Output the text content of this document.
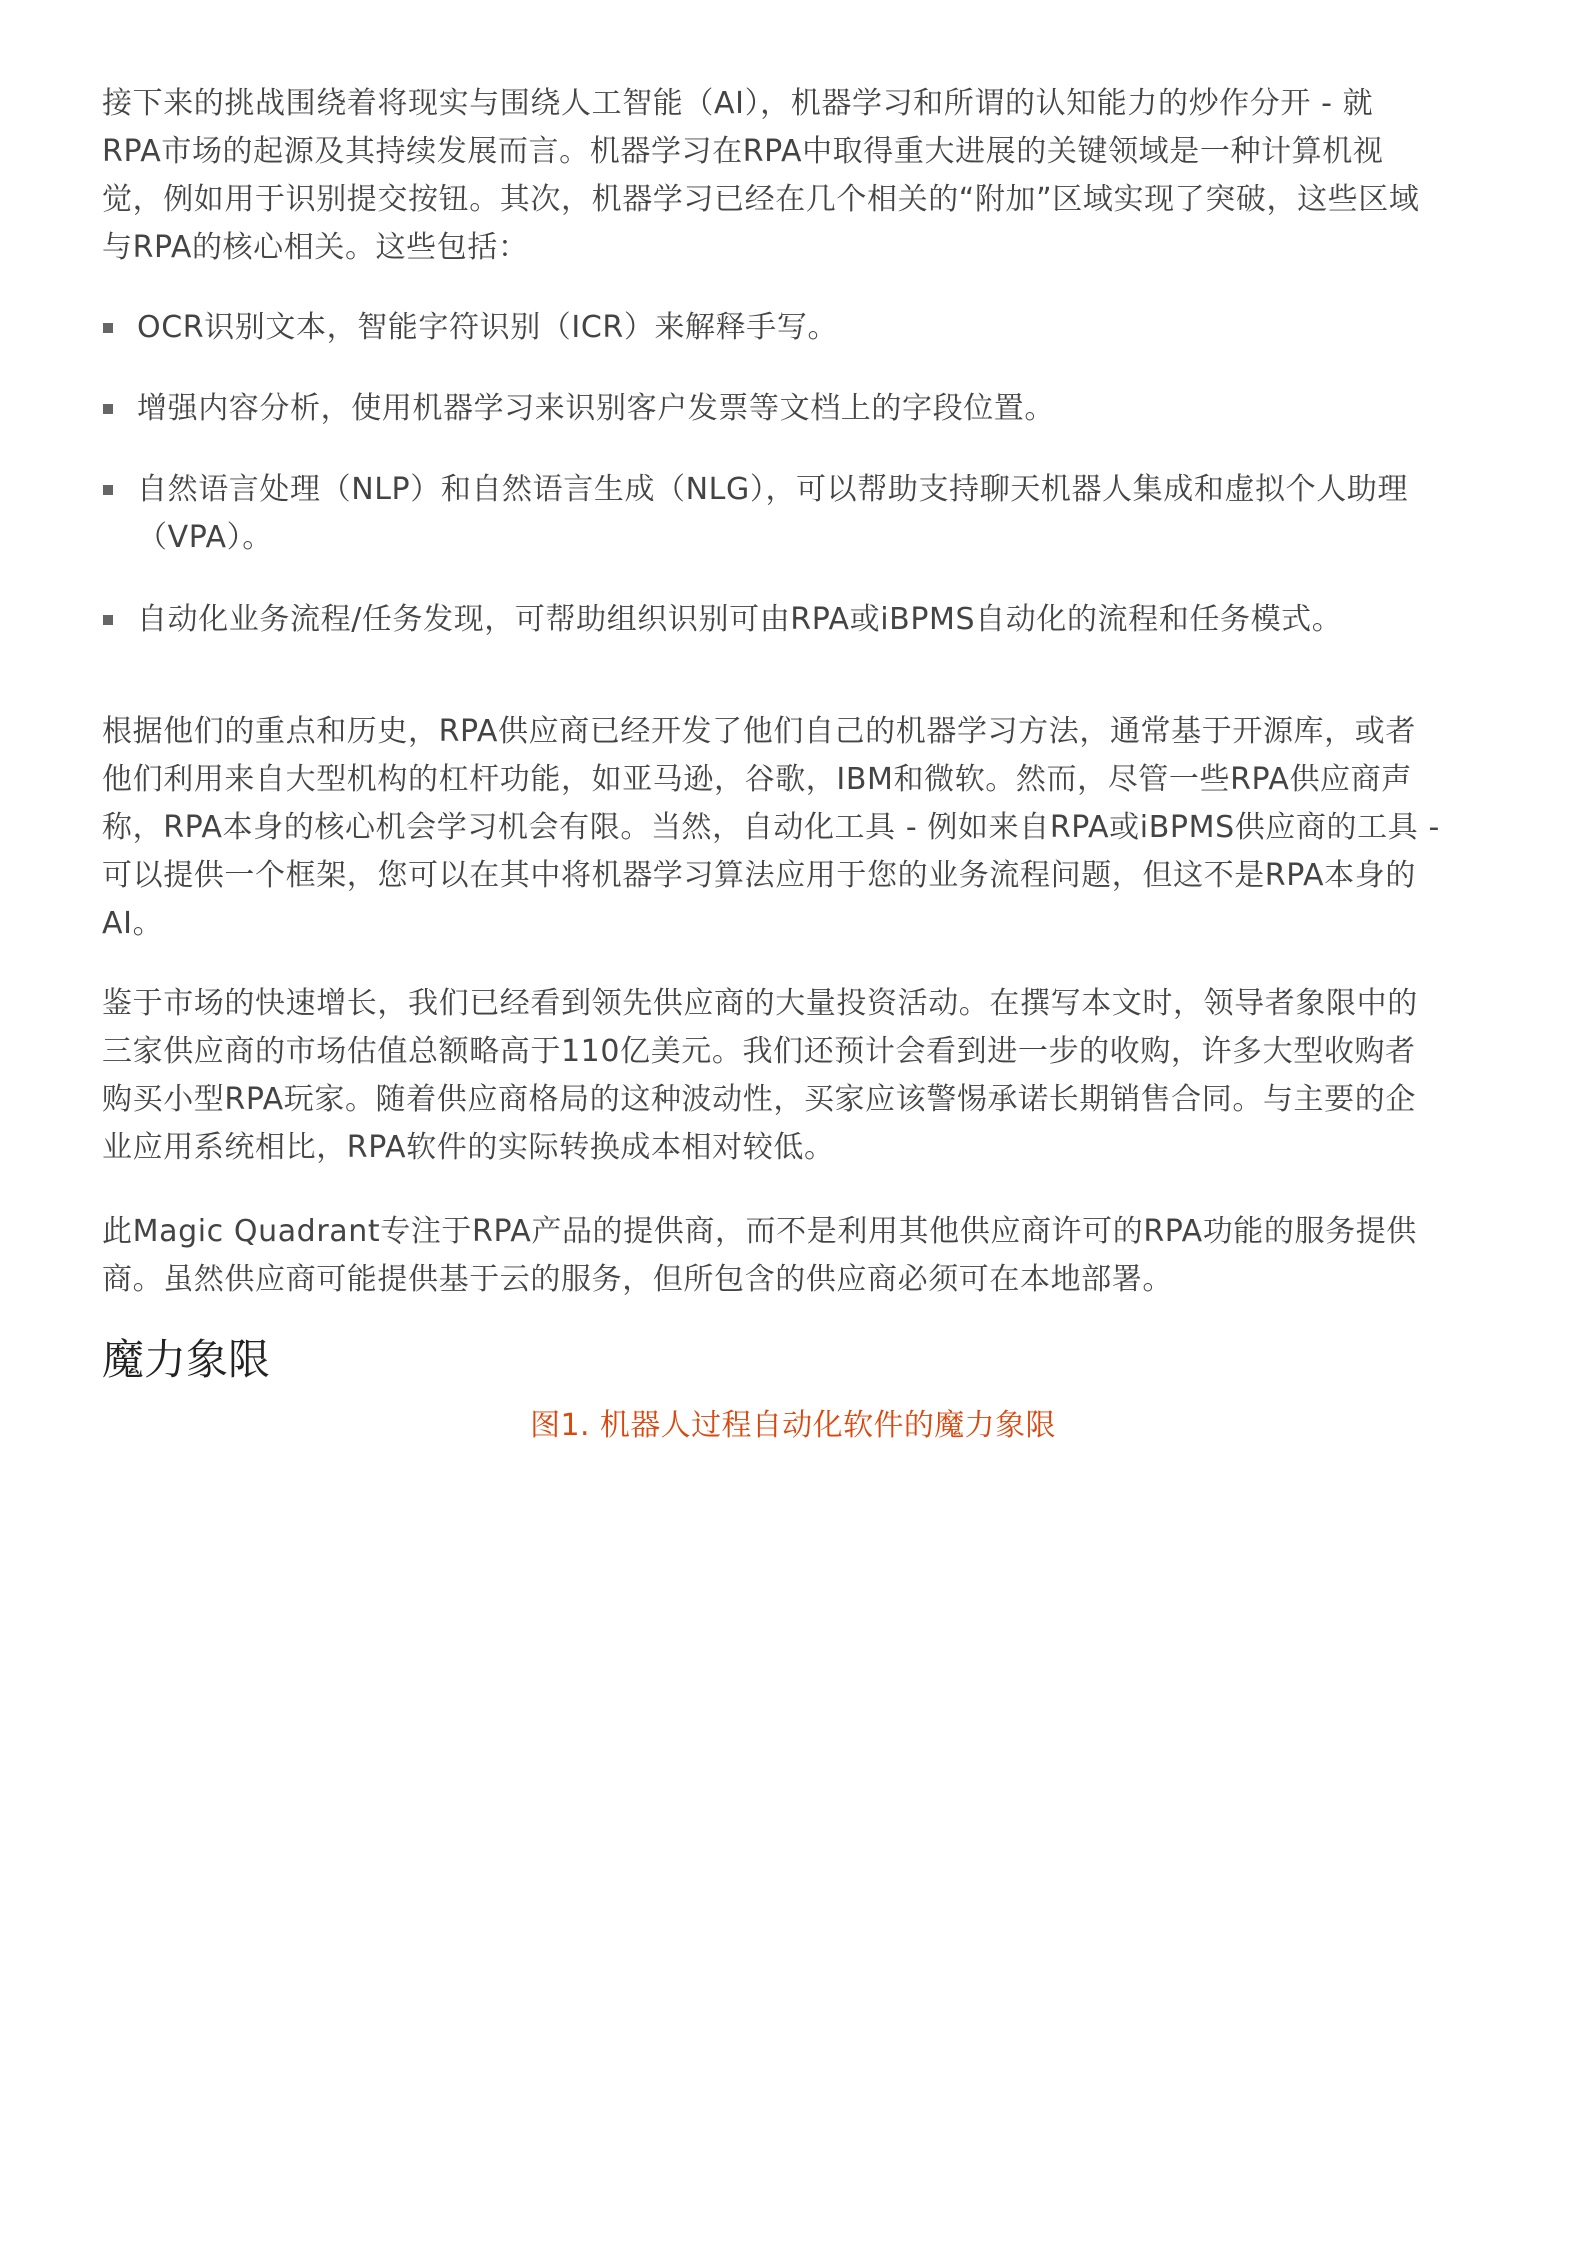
接下来的挑战围绕着将现实与围绕人工智能（AI），机器学习和所谓的认知能力的炒作分开 - 就
RPA市场的起源及其持续发展而言。机器学习在RPA中取得重大进展的关键领域是一种计算机视
觉，例如用于识别提交按钮。其次，机器学习已经在几个相关的“附加”区域实现了突破，这些区域
与RPA的核心相关。这些包括：
OCR识别文本，智能字符识别（ICR）来解释手写。
增强内容分析，使用机器学习来识别客户发票等文档上的字段位置。
自然语言处理（NLP）和自然语言生成（NLG），可以帮助支持聊天机器人集成和虚拟个人助理
（VPA）。
自动化业务流程/任务发现，可帮助组织识别可由RPA或iBPMS自动化的流程和任务模式。
根据他们的重点和历史，RPA供应商已经开发了他们自己的机器学习方法，通常基于开源库，或者
他们利用来自大型机构的杠杆功能，如亚马逊，谷歌，IBM和微软。然而，尽管一些RPA供应商声
称，RPA本身的核心机会学习机会有限。当然，自动化工具 - 例如来自RPA或iBPMS供应商的工具 -
可以提供一个框架，您可以在其中将机器学习算法应用于您的业务流程问题，但这不是RPA本身的
AI。
鉴于市场的快速增长，我们已经看到领先供应商的大量投资活动。在撰写本文时，领导者象限中的
三家供应商的市场估值总额略高于110亿美元。我们还预计会看到进一步的收购，许多大型收购者
购买小型RPA玩家。随着供应商格局的这种波动性，买家应该警惕承诺长期销售合同。与主要的企
业应用系统相比，RPA软件的实际转换成本相对较低。
此Magic Quadrant专注于RPA产品的提供商，而不是利用其他供应商许可的RPA功能的服务提供
商。虽然供应商可能提供基于云的服务，但所包含的供应商必须可在本地部署。
魔力象限
图1. 机器人过程自动化软件的魔力象限
